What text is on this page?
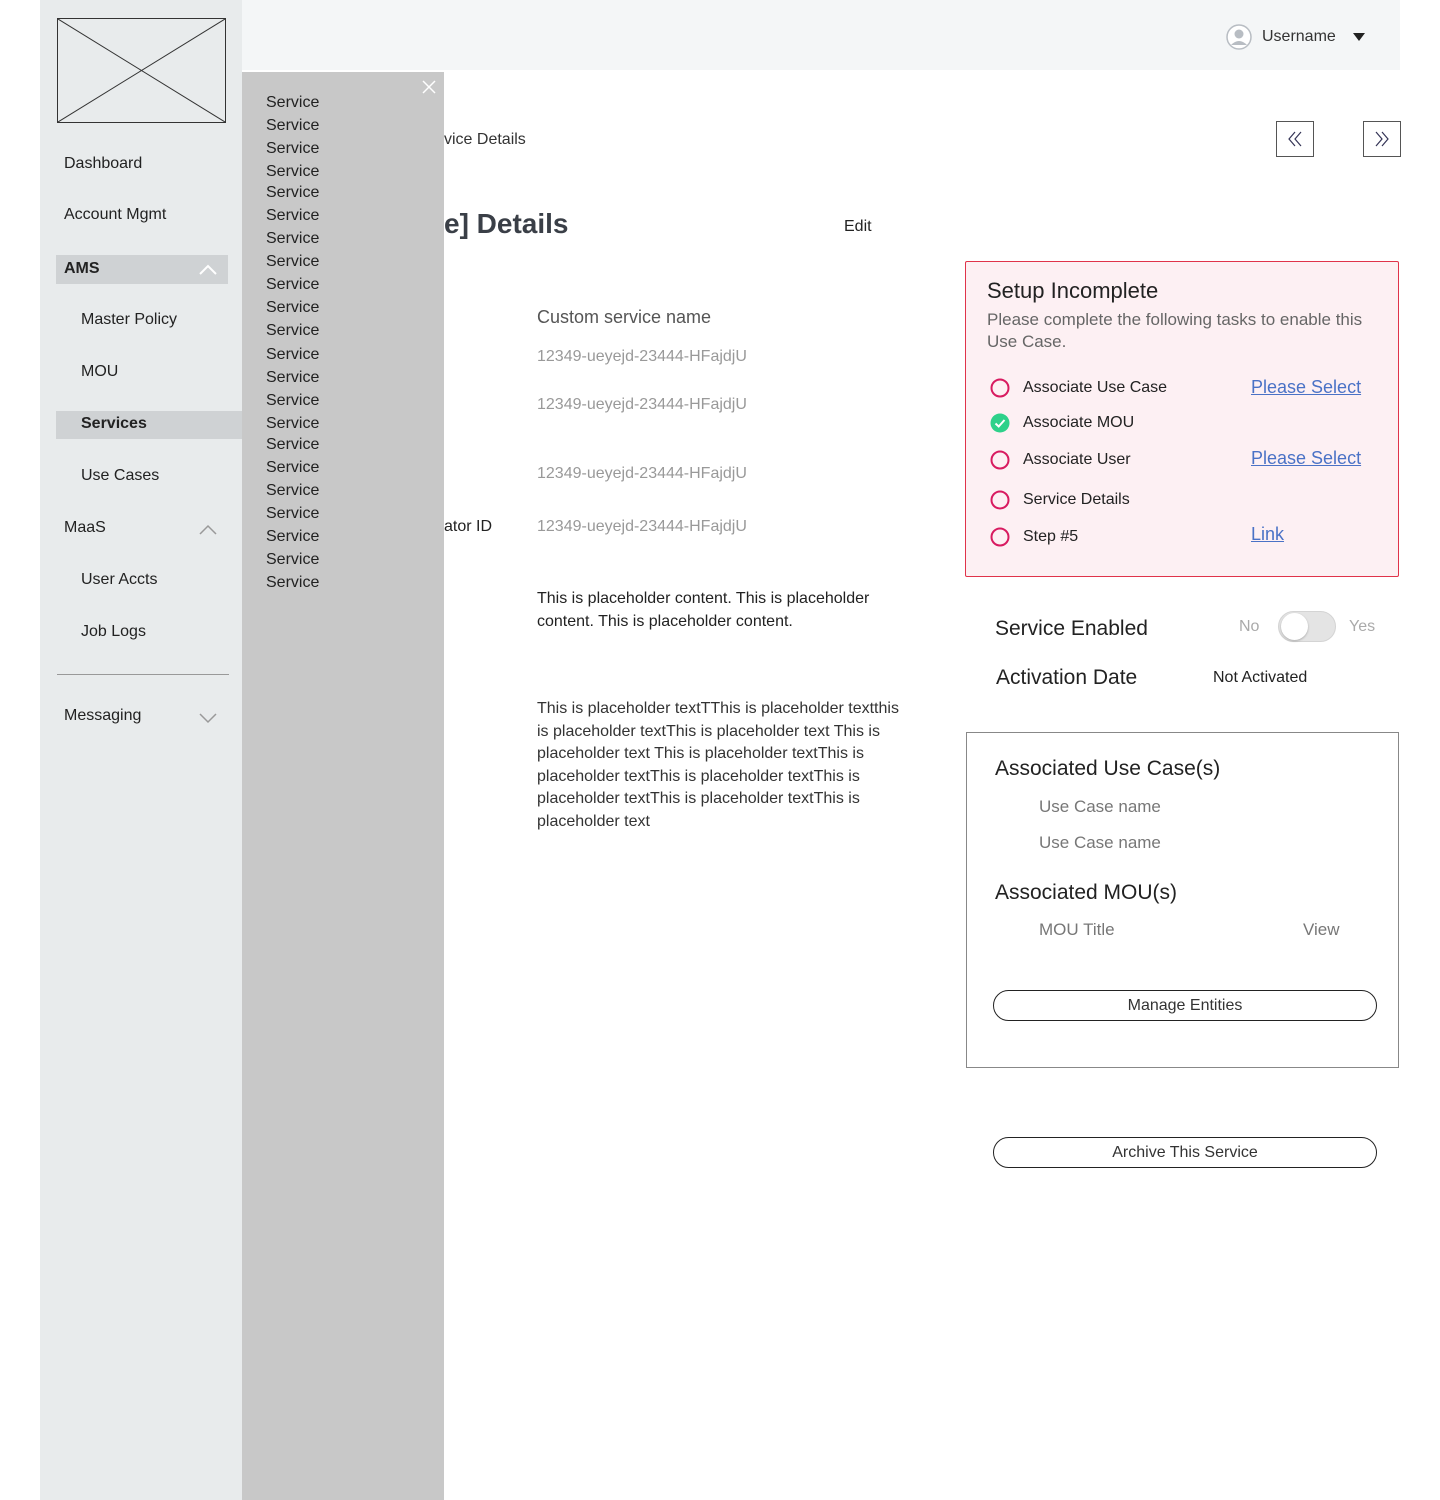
Dashboard
Account Mgmt
AMS
Master Policy
MOU
Services
Use Cases
MaaS
User Accts
Job Logs
Messaging
Username
vice Details
e] Details	Edit
Custom service name
12349-ueyejd-23444-HFajdjU
12349-ueyejd-23444-HFajdjU
12349-ueyejd-23444-HFajdjU
ator ID	12349-ueyejd-23444-HFajdjU
This is placeholder content. This is placeholder content. This is placeholder content.
This is placeholder textTThis is placeholder textthis is placeholder textThis is placeholder text This is placeholder text This is placeholder textThis is placeholder textThis is placeholder textThis is placeholder textThis is placeholder textThis is placeholder text
Service
Service
Service
Service
Service
Service
Service
Service
Service
Service
Service
Service
Service
Service
Service
Service
Service
Service
Service
Service
Service
Service
Setup Incomplete
Please complete the following tasks to enable this Use Case.
Associate Use Case	Please Select
Associate MOU
Associate User	Please Select
Service Details
Step #5	Link
Service Enabled	No	Yes
Activation Date	Not Activated
Associated Use Case(s)
Use Case name
Use Case name
Associated MOU(s)
MOU Title	View
Manage Entities
Archive This Service
